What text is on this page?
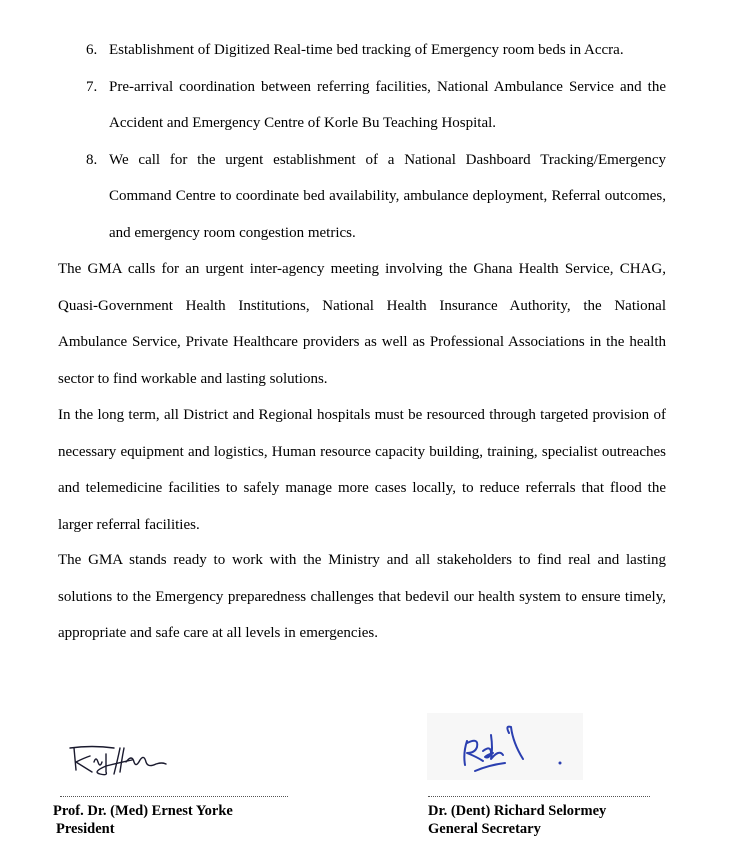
6. Establishment of Digitized Real-time bed tracking of Emergency room beds in Accra.
7. Pre-arrival coordination between referring facilities, National Ambulance Service and the Accident and Emergency Centre of Korle Bu Teaching Hospital.
8. We call for the urgent establishment of a National Dashboard Tracking/Emergency Command Centre to coordinate bed availability, ambulance deployment, Referral outcomes, and emergency room congestion metrics.

The GMA calls for an urgent inter-agency meeting involving the Ghana Health Service, CHAG, Quasi-Government Health Institutions, National Health Insurance Authority, the National Ambulance Service, Private Healthcare providers as well as Professional Associations in the health sector to find workable and lasting solutions.

In the long term, all District and Regional hospitals must be resourced through targeted provision of necessary equipment and logistics, Human resource capacity building, training, specialist outreaches and telemedicine facilities to safely manage more cases locally, to reduce referrals that flood the larger referral facilities.

The GMA stands ready to work with the Ministry and all stakeholders to find real and lasting solutions to the Emergency preparedness challenges that bedevil our health system to ensure timely, appropriate and safe care at all levels in emergencies.

Prof. Dr. (Med) Ernest Yorke
President
Dr. (Dent) Richard Selormey
General Secretary
